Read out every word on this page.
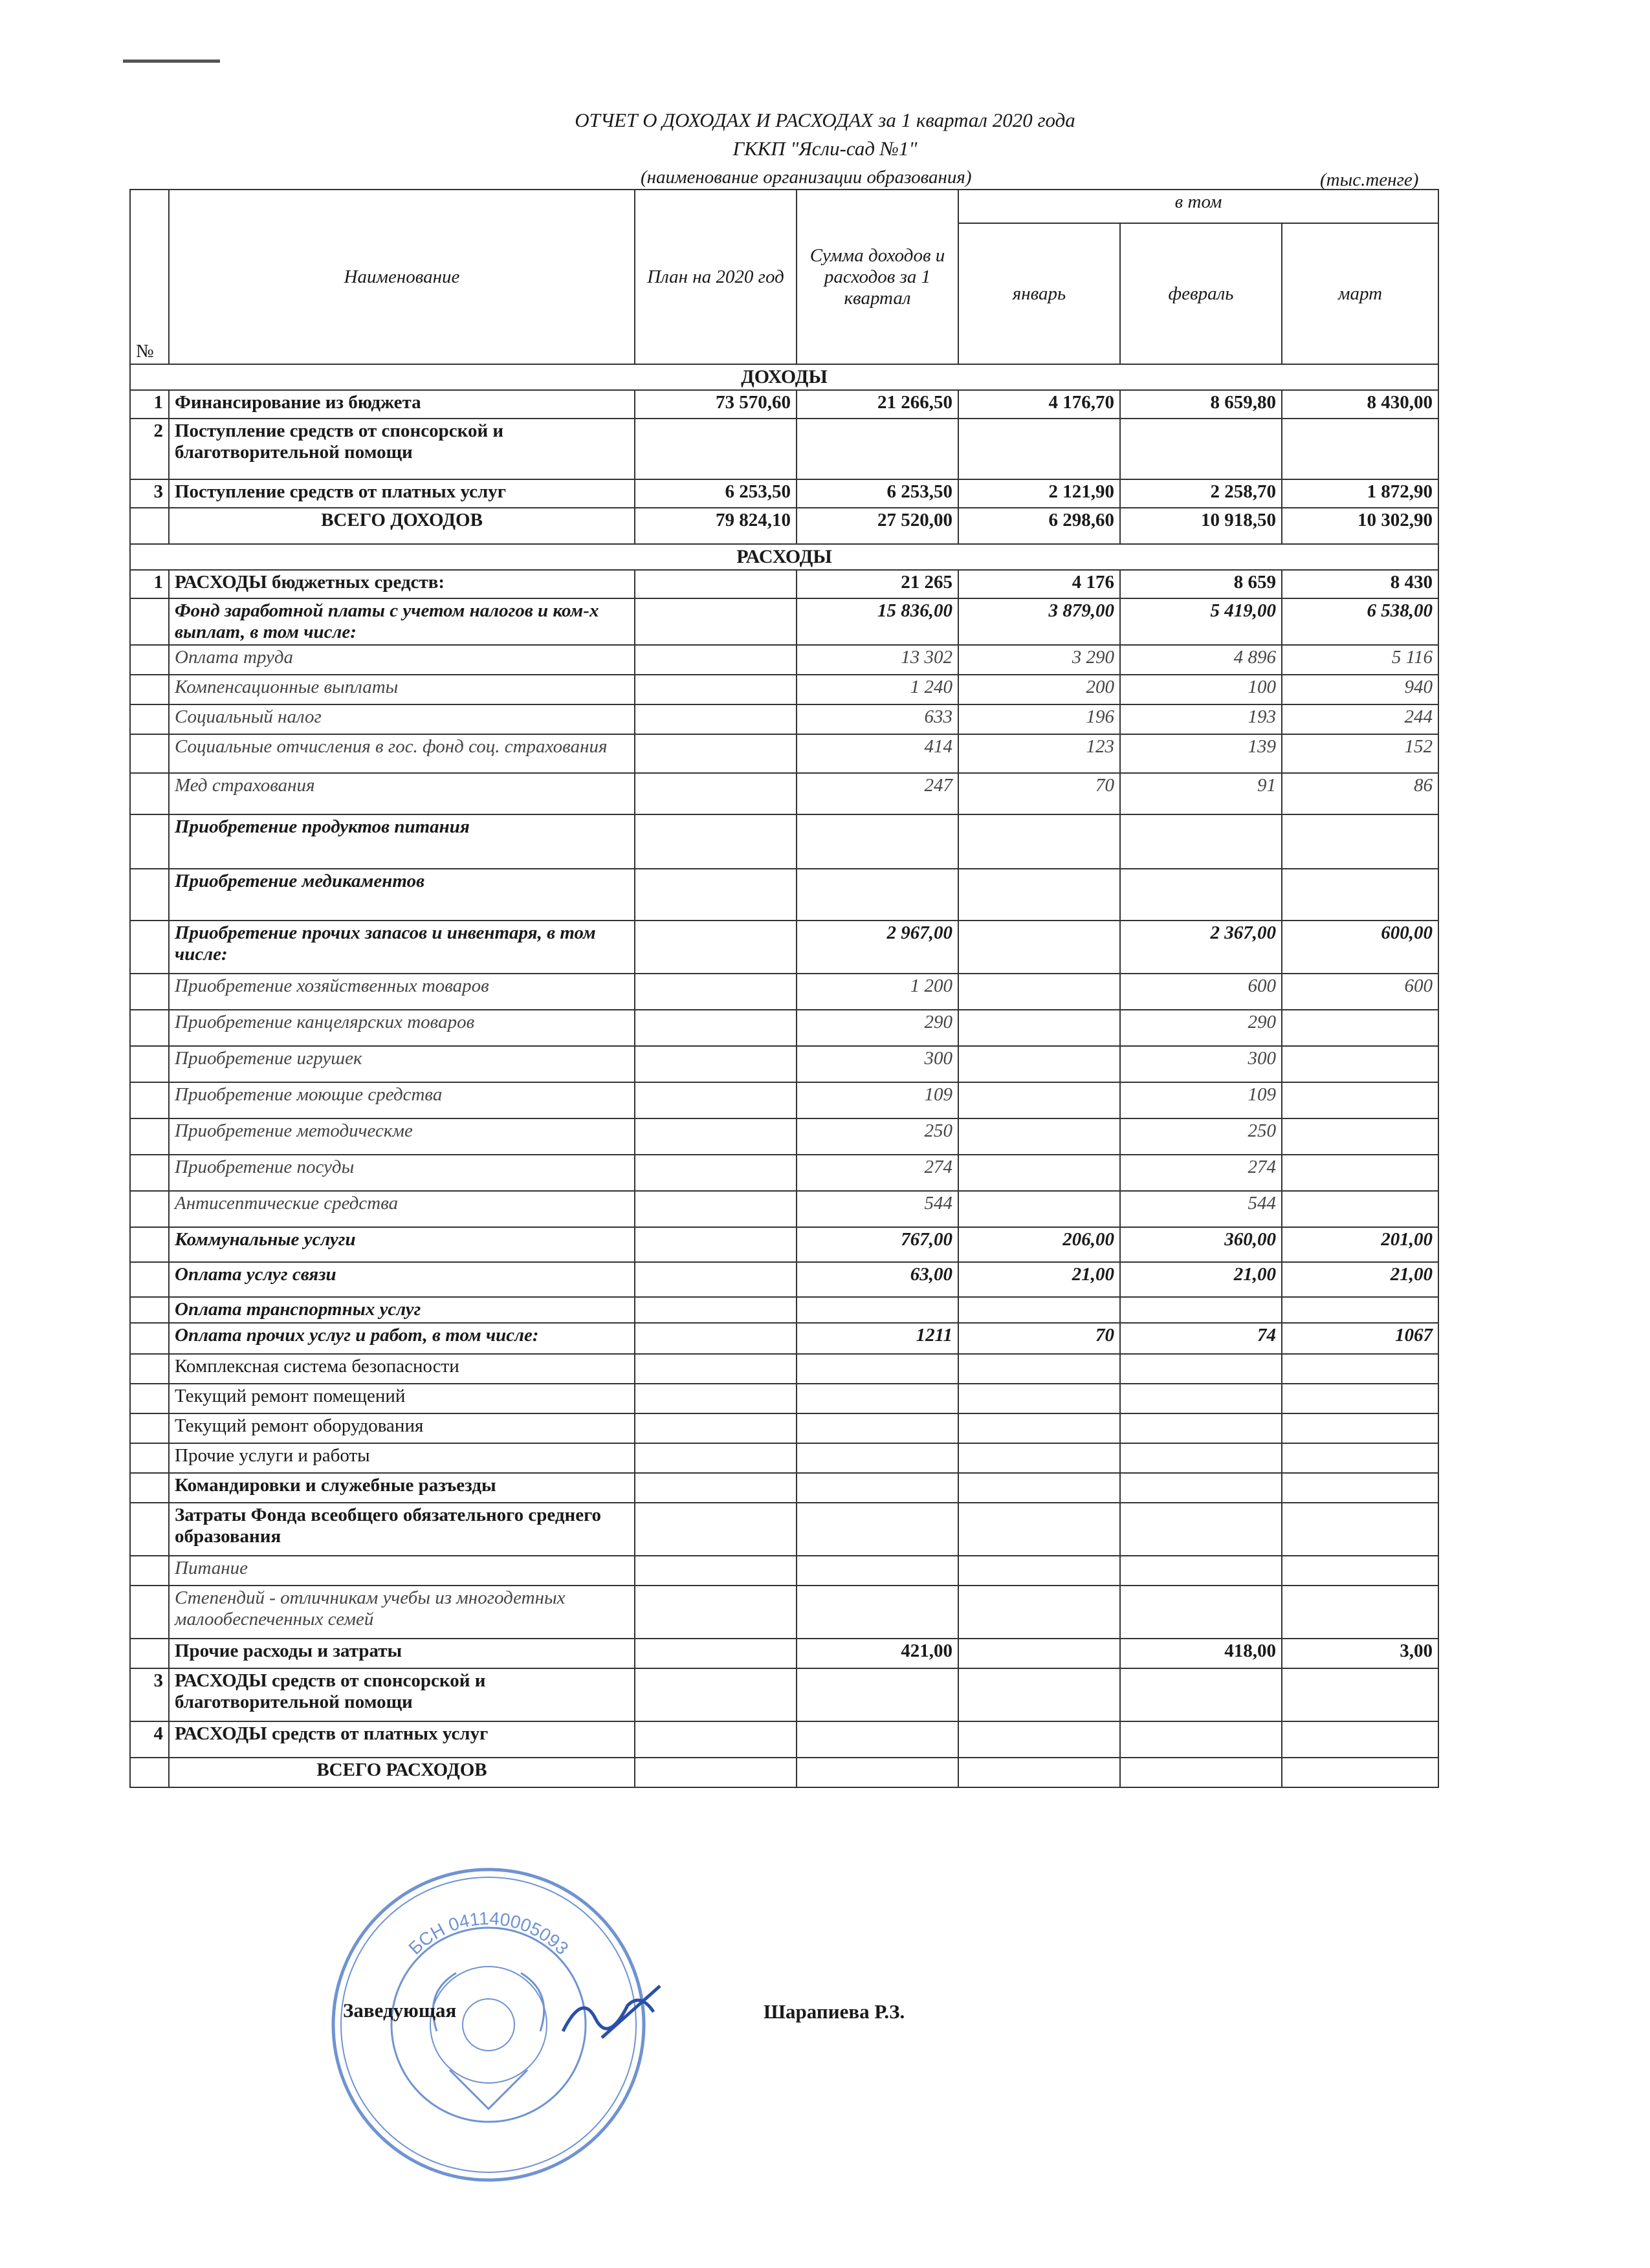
ОТЧЕТ О ДОХОДАХ И РАСХОДАХ за 1 квартал 2020 года
ГККП "Ясли-сад №1"
(наименование организации образования)	(тыс.тенге)
№	Наименование	План на 2020 год	Сумма доходов и расходов за 1 квартал	в том		
				январь	февраль	март
ДОХОДЫ						
1	Финансирование из бюджета	73 570,60	21 266,50	4 176,70	8 659,80	8 430,00
2	Поступление средств от спонсорской и благотворительной помощи					
3	Поступление средств от платных услуг	6 253,50	6 253,50	2 121,90	2 258,70	1 872,90
	ВСЕГО ДОХОДОВ	79 824,10	27 520,00	6 298,60	10 918,50	10 302,90
РАСХОДЫ						
1	РАСХОДЫ бюджетных средств:		21 265	4 176	8 659	8 430
	Фонд заработной платы с учетом налогов и ком-х выплат, в том числе:		15 836,00	3 879,00	5 419,00	6 538,00
	Оплата труда		13 302	3 290	4 896	5 116
	Компенсационные выплаты		1 240	200	100	940
	Социальный налог		633	196	193	244
	Социальные отчисления в гос. фонд соц. страхования		414	123	139	152
	Мед страхования		247	70	91	86
	Приобретение продуктов питания					
	Приобретение медикаментов					
	Приобретение прочих запасов и инвентаря, в том числе:		2 967,00		2 367,00	600,00
	Приобретение хозяйственных товаров		1 200		600	600
	Приобретение канцелярских товаров		290		290	
	Приобретение игрушек		300		300	
	Приобретение моющие средства		109		109	
	Приобретение методическме		250		250	
	Приобретение посуды		274		274	
	Антисептические средства		544		544	
	Коммунальные услуги		767,00	206,00	360,00	201,00
	Оплата услуг связи		63,00	21,00	21,00	21,00
	Оплата транспортных услуг					
	Оплата прочих услуг и работ, в том числе:		1211	70	74	1067
	Комплексная система безопасности					
	Текущий ремонт помещений					
	Текущий ремонт оборудования					
	Прочие услуги и работы					
	Командировки и служебные разъезды					
	Затраты Фонда всеобщего обязательного среднего образования					
	Питание					
	Степендий - отличникам учебы из многодетных малообеспеченных семей					
	Прочие расходы и затраты		421,00		418,00	3,00
3	РАСХОДЫ средств от спонсорской и благотворительной помощи					
4	РАСХОДЫ средств от платных услуг					
	ВСЕГО РАСХОДОВ					
БСН 041140005093
Заведующая	Шарапиева Р.З.
